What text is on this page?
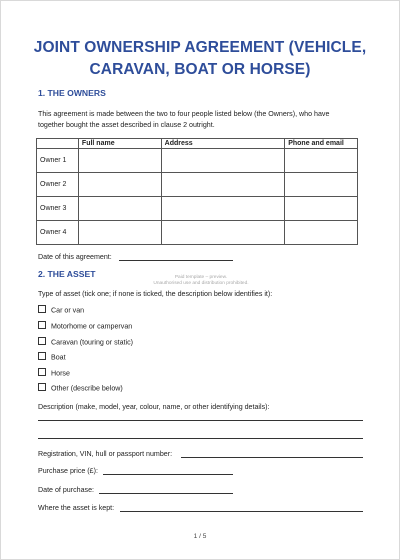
JOINT OWNERSHIP AGREEMENT (VEHICLE,
CARAVAN, BOAT OR HORSE)
1. THE OWNERS
This agreement is made between the two to four people listed below (the Owners), who have
together bought the asset described in clause 2 outright.
	Full name	Address	Phone and email
Owner 1			
Owner 2			
Owner 3			
Owner 4			
Date of this agreement:
Paid template – preview.
Unauthorised use and distribution prohibited.
2. THE ASSET
Type of asset (tick one; if none is ticked, the description below identifies it):
Car or van
Motorhome or campervan
Caravan (touring or static)
Boat
Horse
Other (describe below)
Description (make, model, year, colour, name, or other identifying details):
Registration, VIN, hull or passport number:
Purchase price (£):
Date of purchase:
Where the asset is kept:
1 / 5
